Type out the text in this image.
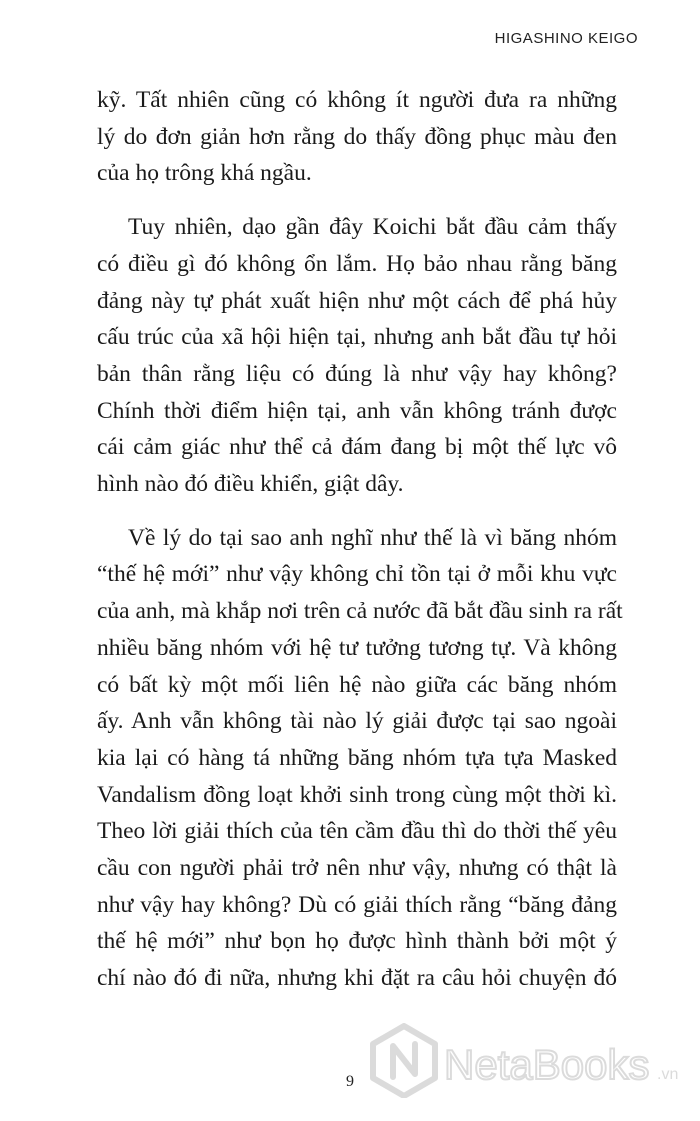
HIGASHINO KEIGO
kỹ. Tất nhiên cũng có không ít người đưa ra những
lý do đơn giản hơn rằng do thấy đồng phục màu đen
của họ trông khá ngầu.
Tuy nhiên, dạo gần đây Koichi bắt đầu cảm thấy
có điều gì đó không ổn lắm. Họ bảo nhau rằng băng
đảng này tự phát xuất hiện như một cách để phá hủy
cấu trúc của xã hội hiện tại, nhưng anh bắt đầu tự hỏi
bản thân rằng liệu có đúng là như vậy hay không?
Chính thời điểm hiện tại, anh vẫn không tránh được
cái cảm giác như thể cả đám đang bị một thế lực vô
hình nào đó điều khiển, giật dây.
Về lý do tại sao anh nghĩ như thế là vì băng nhóm
“thế hệ mới” như vậy không chỉ tồn tại ở mỗi khu vực
của anh, mà khắp nơi trên cả nước đã bắt đầu sinh ra rất
nhiều băng nhóm với hệ tư tưởng tương tự. Và không
có bất kỳ một mối liên hệ nào giữa các băng nhóm
ấy. Anh vẫn không tài nào lý giải được tại sao ngoài
kia lại có hàng tá những băng nhóm tựa tựa Masked
Vandalism đồng loạt khởi sinh trong cùng một thời kì.
Theo lời giải thích của tên cầm đầu thì do thời thế yêu
cầu con người phải trở nên như vậy, nhưng có thật là
như vậy hay không? Dù có giải thích rằng “băng đảng
thế hệ mới” như bọn họ được hình thành bởi một ý
chí nào đó đi nữa, nhưng khi đặt ra câu hỏi chuyện đó
9 NetaBooks .vn
